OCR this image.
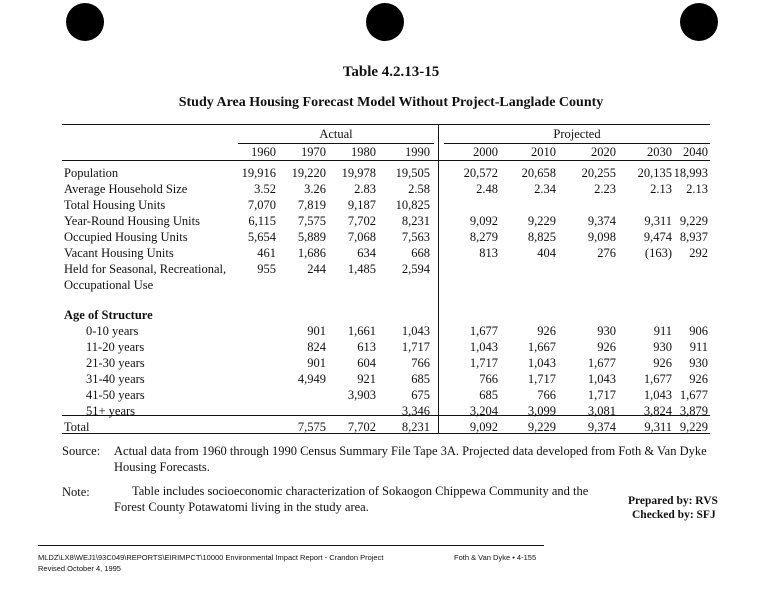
Table 4.2.13-15
Study Area Housing Forecast Model Without Project-Langlade County
Actual	Projected
1960	1970	1980	1990	2000	2010	2020	2030 2040
Population	19,916	19,220	19,978	19,505	20,572	20,658	20,255	20,135	18,993
Average Household Size	3.52	3.26	2.83	2.58	2.48	2.34	2.23	2.13	2.13
Total Housing Units	7,070	7,819	9,187	10,825					
Year-Round Housing Units	6,115	7,575	7,702	8,231	9,092	9,229	9,374	9,311	9,229
Occupied Housing Units	5,654	5,889	7,068	7,563	8,279	8,825	9,098	9,474	8,937
Vacant Housing Units	461	1,686	634	668	813	404	276	(163)	292

Held for Seasonal, Recreational,
Occupational Use	955	244	1,485	2,594					
Age of Structure									
0-10 years		901	1,661	1,043	1,677	926	930	911	906
11-20 years		824	613	1,717	1,043	1,667	926	930	911
21-30 years		901	604	766	1,717	1,043	1,677	926	930
31-40 years		4,949	921	685	766	1,717	1,043	1,677	926
41-50 years			3,903	675	685	766	1,717	1,043	1,677
51+ years				3,346	3,204	3,099	3,081	3,824	3,879
Total		7,575	7,702	8,231	9,092	9,229	9,374	9,311	9,229
Source: Actual data from 1960 through 1990 Census Summary File Tape 3A. Projected data developed from Foth & Van Dyke
Housing Forecasts.
Note:	Table includes socioeconomic characterization of Sokaogon Chippewa Community and the
Forest County Potawatomi living in the study area.	Prepared by: RVS
Checked by: SFJ
MLDZ\LX8\WEJ1\93C049\REPORTS\EIRIMPCT\10000 Environmental Impact Report - Crandon Project	Foth & Van Dyke • 4-155
Revised October 4, 1995
